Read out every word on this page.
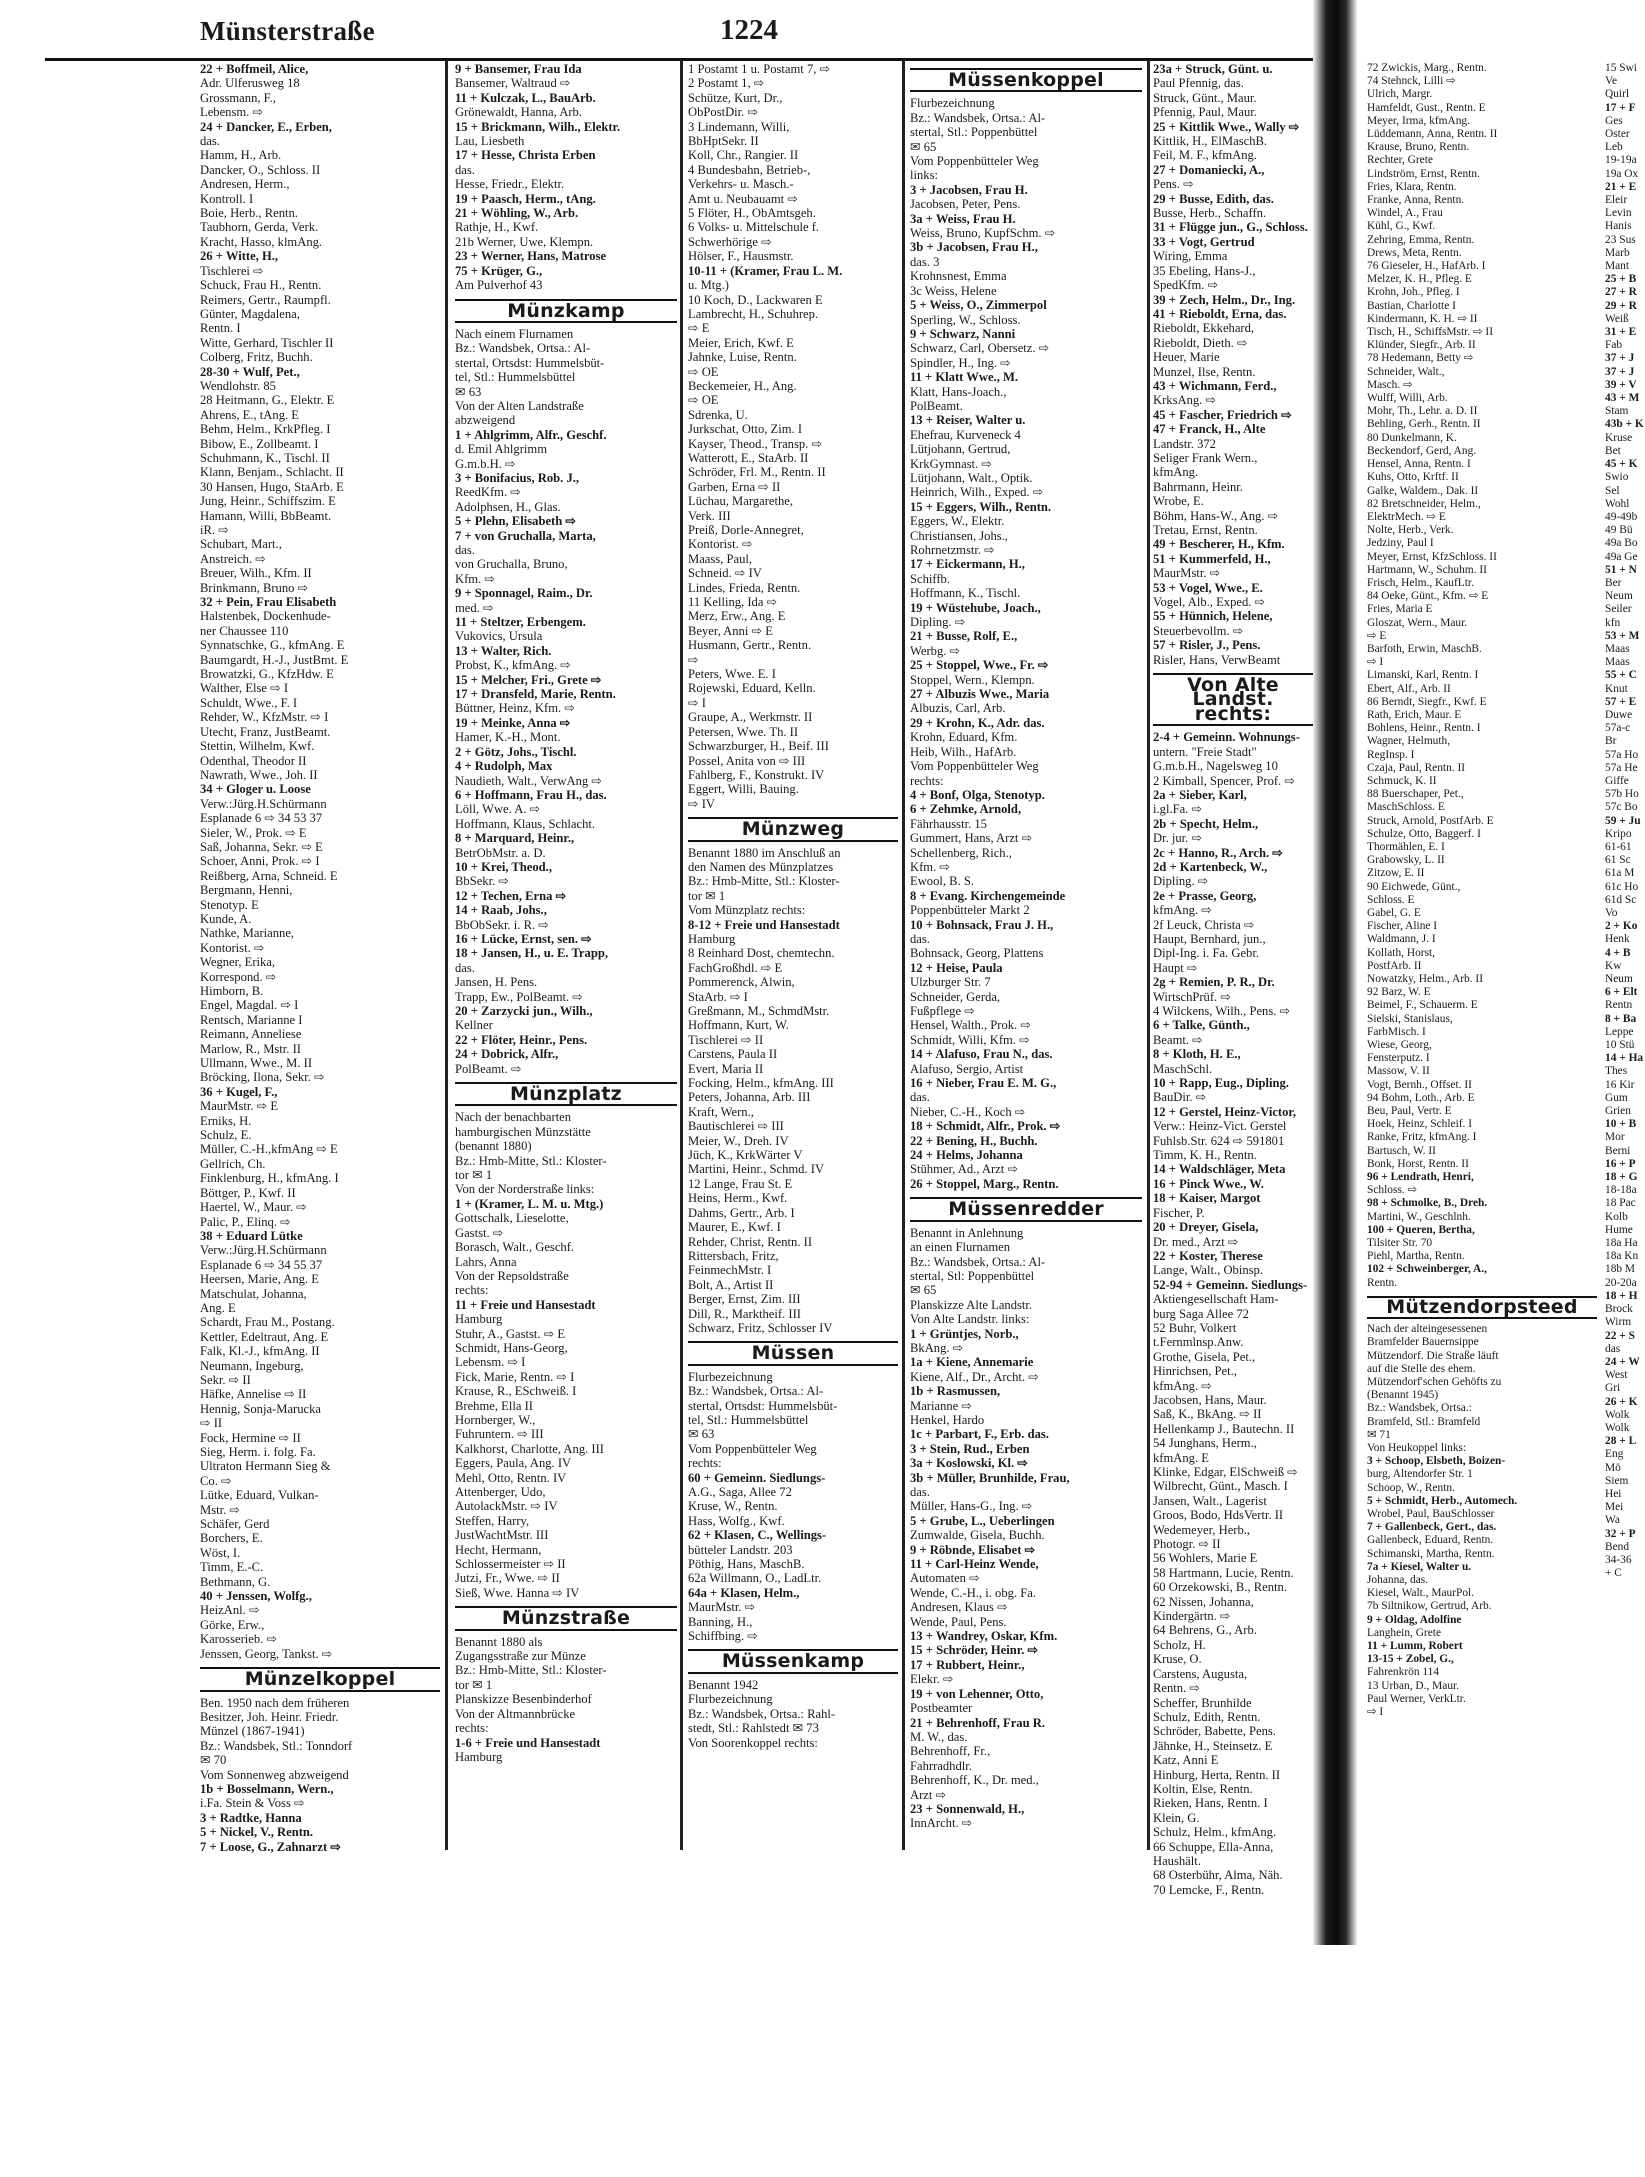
Münsterstraße	1224

22 + Boffmeil, Alice,

Adr. Ulferusweg 18

Grossmann, F.,

Lebensm. ⇨

24 + Dancker, E., Erben,

das.

Hamm, H., Arb.

Dancker, O., Schloss. II

Andresen, Herm.,

Kontroll. I

Boie, Herb., Rentn.

Taubhorn, Gerda, Verk.

Kracht, Hasso, klmAng.

26 + Witte, H.,

Tischlerei ⇨

Schuck, Frau H., Rentn.

Reimers, Gertr., Raumpfl.

Günter, Magdalena,

Rentn. I

Witte, Gerhard, Tischler II

Colberg, Fritz, Buchh.

28-30 + Wulf, Pet.,

Wendlohstr. 85

28 Heitmann, G., Elektr. E

Ahrens, E., tAng. E

Behm, Helm., KrkPfleg. I

Bibow, E., Zollbeamt. I

Schuhmann, K., Tischl. II

Klann, Benjam., Schlacht. II

30 Hansen, Hugo, StaArb. E

Jung, Heinr., Schiffszim. E

Hamann, Willi, BbBeamt.

iR. ⇨

Schubart, Mart.,

Anstreich. ⇨

Breuer, Wilh., Kfm. II

Brinkmann, Bruno ⇨

32 + Pein, Frau Elisabeth

Halstenbek, Dockenhude-

ner Chaussee 110

Synnatschke, G., kfmAng. E

Baumgardt, H.-J., JustBmt. E

Browatzki, G., KfzHdw. E

Walther, Else ⇨ I

Schuldt, Wwe., F. I

Rehder, W., KfzMstr. ⇨ I

Utecht, Franz, JustBeamt.

Stettin, Wilhelm, Kwf.

Odenthal, Theodor II

Nawrath, Wwe., Joh. II

34 + Gloger u. Loose

Verw.:Jürg.H.Schürmann

Esplanade 6 ⇨ 34 53 37

Sieler, W., Prok. ⇨ E

Saß, Johanna, Sekr. ⇨ E

Schoer, Anni, Prok. ⇨ I

Reißberg, Arna, Schneid. E

Bergmann, Henni,

Stenotyp. E

Kunde, A.

Nathke, Marianne,

Kontorist. ⇨

Wegner, Erika,

Korrespond. ⇨

Himborn, B.

Engel, Magdal. ⇨ I

Rentsch, Marianne I

Reimann, Anneliese

Marlow, R., Mstr. II

Ullmann, Wwe., M. II

Bröcking, Ilona, Sekr. ⇨

36 + Kugel, F.,

MaurMstr. ⇨ E

Erniks, H.

Schulz, E.

Müller, C.-H.,kfmAng ⇨ E

Gellrich, Ch.

Finklenburg, H., kfmAng. I

Böttger, P., Kwf. II

Haertel, W., Maur. ⇨

Palic, P., Elinq. ⇨

38 + Eduard Lütke

Verw.:Jürg.H.Schürmann

Esplanade 6 ⇨ 34 55 37

Heersen, Marie, Ang. E

Matschulat, Johanna,

Ang. E

Schardt, Frau M., Postang.

Kettler, Edeltraut, Ang. E

Falk, Kl.-J., kfmAng. II

Neumann, Ingeburg,

Sekr. ⇨ II

Häfke, Annelise ⇨ II

Hennig, Sonja-Marucka

⇨ II

Fock, Hermine ⇨ II

Sieg, Herm. i. folg. Fa.

Ultraton Hermann Sieg &

Co. ⇨

Lütke, Eduard, Vulkan-

Mstr. ⇨

Schäfer, Gerd

Borchers, E.

Wöst, I.

Timm, E.-C.

Bethmann, G.

40 + Jenssen, Wolfg.,

HeizAnl. ⇨

Görke, Erw.,

Karosserieb. ⇨

Jenssen, Georg, Tankst. ⇨

Münzelkoppel

Ben. 1950 nach dem früheren

Besitzer, Joh. Heinr. Friedr.

Münzel (1867-1941)

Bz.: Wandsbek, Stl.: Tonndorf

✉ 70

Vom Sonnenweg abzweigend

1b + Bosselmann, Wern.,

i.Fa. Stein & Voss ⇨

3 + Radtke, Hanna

5 + Nickel, V., Rentn.

7 + Loose, G., Zahnarzt ⇨

9 + Bansemer, Frau Ida

Bansemer, Waltraud ⇨

11 + Kulczak, L., BauArb.

Grönewaldt, Hanna, Arb.

15 + Brickmann, Wilh., Elektr.

Lau, Liesbeth

17 + Hesse, Christa Erben

das.

Hesse, Friedr., Elektr.

19 + Paasch, Herm., tAng.

21 + Wöhling, W., Arb.

Rathje, H., Kwf.

21b Werner, Uwe, Klempn.

23 + Werner, Hans, Matrose

75 + Krüger, G.,

Am Pulverhof 43

Münzkamp

Nach einem Flurnamen

Bz.: Wandsbek, Ortsa.: Al-

stertal, Ortsdst: Hummelsbüt-

tel, Stl.: Hummelsbüttel

✉ 63

Von der Alten Landstraße

abzweigend

1 + Ahlgrimm, Alfr., Geschf.

d. Emil Ahlgrimm

G.m.b.H. ⇨

3 + Bonifacius, Rob. J.,

ReedKfm. ⇨

Adolphsen, H., Glas.

5 + Plehn, Elisabeth ⇨

7 + von Gruchalla, Marta,

das.

von Gruchalla, Bruno,

Kfm. ⇨

9 + Sponnagel, Raim., Dr.

med. ⇨

11 + Steltzer, Erbengem.

Vukovics, Ursula

13 + Walter, Rich.

Probst, K., kfmAng. ⇨

15 + Melcher, Fri., Grete ⇨

17 + Dransfeld, Marie, Rentn.

Büttner, Heinz, Kfm. ⇨

19 + Meinke, Anna ⇨

Hamer, K.-H., Mont.

2 + Götz, Johs., Tischl.

4 + Rudolph, Max

Naudieth, Walt., VerwAng ⇨

6 + Hoffmann, Frau H., das.

Löll, Wwe. A. ⇨

Hoffmann, Klaus, Schlacht.

8 + Marquard, Heinr.,

BetrObMstr. a. D.

10 + Krei, Theod.,

BbSekr. ⇨

12 + Techen, Erna ⇨

14 + Raab, Johs.,

BbObSekr. i. R. ⇨

16 + Lücke, Ernst, sen. ⇨

18 + Jansen, H., u. E. Trapp,

das.

Jansen, H. Pens.

Trapp, Ew., PolBeamt. ⇨

20 + Zarzycki jun., Wilh.,

Kellner

22 + Flöter, Heinr., Pens.

24 + Dobrick, Alfr.,

PolBeamt. ⇨

Münzplatz

Nach der benachbarten

hamburgischen Münzstätte

(benannt 1880)

Bz.: Hmb-Mitte, Stl.: Kloster-

tor ✉ 1

Von der Norderstraße links:

1 + (Kramer, L. M. u. Mtg.)

Gottschalk, Lieselotte,

Gastst. ⇨

Borasch, Walt., Geschf.

Lahrs, Anna

Von der Repsoldstraße

rechts:

11 + Freie und Hansestadt

Hamburg

Stuhr, A., Gastst. ⇨ E

Schmidt, Hans-Georg,

Lebensm. ⇨ I

Fick, Marie, Rentn. ⇨ I

Krause, R., ESchweiß. I

Brehme, Ella II

Hornberger, W.,

Fuhruntern. ⇨ III

Kalkhorst, Charlotte, Ang. III

Eggers, Paula, Ang. IV

Mehl, Otto, Rentn. IV

Attenberger, Udo,

AutolackMstr. ⇨ IV

Steffen, Harry,

JustWachtMstr. III

Hecht, Hermann,

Schlossermeister ⇨ II

Jutzi, Fr., Wwe. ⇨ II

Sieß, Wwe. Hanna ⇨ IV

Münzstraße

Benannt 1880 als

Zugangsstraße zur Münze

Bz.: Hmb-Mitte, Stl.: Kloster-

tor ✉ 1

Planskizze Besenbinderhof

Von der Altmannbrücke

rechts:

1-6 + Freie und Hansestadt

Hamburg

1 Postamt 1 u. Postamt 7, ⇨

2 Postamt 1, ⇨

Schütze, Kurt, Dr.,

ObPostDir. ⇨

3 Lindemann, Willi,

BbHptSekr. II

Koll, Chr., Rangier. II

4 Bundesbahn, Betrieb-,

Verkehrs- u. Masch.-

Amt u. Neubauamt ⇨

5 Flöter, H., ObAmtsgeh.

6 Volks- u. Mittelschule f.

Schwerhörige ⇨

Hölser, F., Hausmstr.

10-11 + (Kramer, Frau L. M.

u. Mtg.)

10 Koch, D., Lackwaren E

Lambrecht, H., Schuhrep.

⇨ E

Meier, Erich, Kwf. E

Jahnke, Luise, Rentn.

⇨ OE

Beckemeier, H., Ang.

⇨ OE

Sdrenka, U.

Jurkschat, Otto, Zim. I

Kayser, Theod., Transp. ⇨

Watterott, E., StaArb. II

Schröder, Frl. M., Rentn. II

Garben, Erna ⇨ II

Lüchau, Margarethe,

Verk. III

Preiß, Dorle-Annegret,

Kontorist. ⇨

Maass, Paul,

Schneid. ⇨ IV

Lindes, Frieda, Rentn.

11 Kelling, Ida ⇨

Merz, Erw., Ang. E

Beyer, Anni ⇨ E

Husmann, Gertr., Rentn.

⇨

Peters, Wwe. E. I

Rojewski, Eduard, Kelln.

⇨ I

Graupe, A., Werkmstr. II

Petersen, Wwe. Th. II

Schwarzburger, H., Beif. III

Possel, Anita von ⇨ III

Fahlberg, F., Konstrukt. IV

Eggert, Willi, Bauing.

⇨ IV

Münzweg

Benannt 1880 im Anschluß an

den Namen des Münzplatzes

Bz.: Hmb-Mitte, Stl.: Kloster-

tor ✉ 1

Vom Münzplatz rechts:

8-12 + Freie und Hansestadt

Hamburg

8 Reinhard Dost, chemtechn.

FachGroßhdl. ⇨ E

Pommerenck, Alwin,

StaArb. ⇨ I

Greßmann, M., SchmdMstr.

Hoffmann, Kurt, W.

Tischlerei ⇨ II

Carstens, Paula II

Evert, Maria II

Focking, Helm., kfmAng. III

Peters, Johanna, Arb. III

Kraft, Wern.,

Bautischlerei ⇨ III

Meier, W., Dreh. IV

Jüch, K., KrkWärter V

Martini, Heinr., Schmd. IV

12 Lange, Frau St. E

Heins, Herm., Kwf.

Dahms, Gertr., Arb. I

Maurer, E., Kwf. I

Rehder, Christ, Rentn. II

Rittersbach, Fritz,

FeinmechMstr. I

Bolt, A., Artist II

Berger, Ernst, Zim. III

Dill, R., Marktheif. III

Schwarz, Fritz, Schlosser IV

Müssen

Flurbezeichnung

Bz.: Wandsbek, Ortsa.: Al-

stertal, Ortsdst: Hummelsbüt-

tel, Stl.: Hummelsbüttel

✉ 63

Vom Poppenbütteler Weg

rechts:

60 + Gemeinn. Siedlungs-

A.G., Saga, Allee 72

Kruse, W., Rentn.

Hass, Wolfg., Kwf.

62 + Klasen, C., Wellings-

bütteler Landstr. 203

Pöthig, Hans, MaschB.

62a Willmann, O., LadLtr.

64a + Klasen, Helm.,

MaurMstr. ⇨

Banning, H.,

Schiffbing. ⇨

Müssenkamp

Benannt 1942

Flurbezeichnung

Bz.: Wandsbek, Ortsa.: Rahl-

stedt, Stl.: Rahlstedt ✉ 73

Von Soorenkoppel rechts:

Müssenkoppel

Flurbezeichnung

Bz.: Wandsbek, Ortsa.: Al-

stertal, Stl.: Poppenbüttel

✉ 65

Vom Poppenbütteler Weg

links:

3 + Jacobsen, Frau H.

Jacobsen, Peter, Pens.

3a + Weiss, Frau H.

Weiss, Bruno, KupfSchm. ⇨

3b + Jacobsen, Frau H.,

das. 3

Krohnsnest, Emma

3c Weiss, Helene

5 + Weiss, O., Zimmerpol

Sperling, W., Schloss.

9 + Schwarz, Nanni

Schwarz, Carl, Obersetz. ⇨

Spindler, H., Ing. ⇨

11 + Klatt Wwe., M.

Klatt, Hans-Joach.,

PolBeamt.

13 + Reiser, Walter u.

Ehefrau, Kurveneck 4

Lütjohann, Gertrud,

KrkGymnast. ⇨

Lütjohann, Walt., Optik.

Heinrich, Wilh., Exped. ⇨

15 + Eggers, Wilh., Rentn.

Eggers, W., Elektr.

Christiansen, Johs.,

Rohrnetzmstr. ⇨

17 + Eickermann, H.,

Schiffb.

Hoffmann, K., Tischl.

19 + Wüstehube, Joach.,

Dipling. ⇨

21 + Busse, Rolf, E.,

Werbg. ⇨

25 + Stoppel, Wwe., Fr. ⇨

Stoppel, Wern., Klempn.

27 + Albuzis Wwe., Maria

Albuzis, Carl, Arb.

29 + Krohn, K., Adr. das.

Krohn, Eduard, Kfm.

Heib, Wilh., HafArb.

Vom Poppenbütteler Weg

rechts:

4 + Bonf, Olga, Stenotyp.

6 + Zehmke, Arnold,

Fährhausstr. 15

Gummert, Hans, Arzt ⇨

Schellenberg, Rich.,

Kfm. ⇨

Ewool, B. S.

8 + Evang. Kirchengemeinde

Poppenbütteler Markt 2

10 + Bohnsack, Frau J. H.,

das.

Bohnsack, Georg, Plattens

12 + Heise, Paula

Ulzburger Str. 7

Schneider, Gerda,

Fußpflege ⇨

Hensel, Walth., Prok. ⇨

Schmidt, Willi, Kfm. ⇨

14 + Alafuso, Frau N., das.

Alafuso, Sergio, Artist

16 + Nieber, Frau E. M. G.,

das.

Nieber, C.-H., Koch ⇨

18 + Schmidt, Alfr., Prok. ⇨

22 + Bening, H., Buchh.

24 + Helms, Johanna

Stühmer, Ad., Arzt ⇨

26 + Stoppel, Marg., Rentn.

Müssenredder

Benannt in Anlehnung

an einen Flurnamen

Bz.: Wandsbek, Ortsa.: Al-

stertal, Stl: Poppenbüttel

✉ 65

Planskizze Alte Landstr.

Von Alte Landstr. links:

1 + Grüntjes, Norb.,

BkAng. ⇨

1a + Kiene, Annemarie

Kiene, Alf., Dr., Archt. ⇨

1b + Rasmussen,

Marianne ⇨

Henkel, Hardo

1c + Parbart, F., Erb. das.

3 + Stein, Rud., Erben

3a + Koslowski, Kl. ⇨

3b + Müller, Brunhilde, Frau,

das.

Müller, Hans-G., Ing. ⇨

5 + Grube, L., Ueberlingen

Zumwalde, Gisela, Buchh.

9 + Röbnde, Elisabet ⇨

11 + Carl-Heinz Wende,

Automaten ⇨

Wende, C.-H., i. obg. Fa.

Andresen, Klaus ⇨

Wende, Paul, Pens.

13 + Wandrey, Oskar, Kfm.

15 + Schröder, Heinr. ⇨

17 + Rubbert, Heinr.,

Elekr. ⇨

19 + von Lehenner, Otto,

Postbeamter

21 + Behrenhoff, Frau R.

M. W., das.

Behrenhoff, Fr.,

Fahrradhdlr.

Behrenhoff, K., Dr. med.,

Arzt ⇨

23 + Sonnenwald, H.,

InnArcht. ⇨

23a + Struck, Günt. u.

Paul Pfennig, das.

Struck, Günt., Maur.

Pfennig, Paul, Maur.

25 + Kittlik Wwe., Wally ⇨

Kittlik, H., ElMaschB.

Feil, M. F., kfmAng.

27 + Domaniecki, A.,

Pens. ⇨

29 + Busse, Edith, das.

Busse, Herb., Schaffn.

31 + Flügge jun., G., Schloss.

33 + Vogt, Gertrud

Wiring, Emma

35 Ebeling, Hans-J.,

SpedKfm. ⇨

39 + Zech, Helm., Dr., Ing.

41 + Rieboldt, Erna, das.

Rieboldt, Ekkehard,

Rieboldt, Dieth. ⇨

Heuer, Marie

Munzel, Ilse, Rentn.

43 + Wichmann, Ferd.,

KrksAng. ⇨

45 + Fascher, Friedrich ⇨

47 + Franck, H., Alte

Landstr. 372

Seliger Frank Wern.,

kfmAng.

Bahrmann, Heinr.

Wrobe, E.

Böhm, Hans-W., Ang. ⇨

Tretau, Ernst, Rentn.

49 + Bescherer, H., Kfm.

51 + Kummerfeld, H.,

MaurMstr. ⇨

53 + Vogel, Wwe., E.

Vogel, Alb., Exped. ⇨

55 + Hünnich, Helene,

Steuerbevollm. ⇨

57 + Risler, J., Pens.

Risler, Hans, VerwBeamt

Von Alte Landst. rechts:

2-4 + Gemeinn. Wohnungs-

untern. "Freie Stadt"

G.m.b.H., Nagelsweg 10

2 Kimball, Spencer, Prof. ⇨

2a + Sieber, Karl,

i.gl.Fa. ⇨

2b + Specht, Helm.,

Dr. jur. ⇨

2c + Hanno, R., Arch. ⇨

2d + Kartenbeck, W.,

Dipling. ⇨

2e + Prasse, Georg,

kfmAng. ⇨

2f Leuck, Christa ⇨

Haupt, Bernhard, jun.,

Dipl-Ing. i. Fa. Gebr.

Haupt ⇨

2g + Remien, P. R., Dr.

WirtschPrüf. ⇨

4 Wilckens, Wilh., Pens. ⇨

6 + Talke, Günth.,

Beamt. ⇨

8 + Kloth, H. E.,

MaschSchl.

10 + Rapp, Eug., Dipling.

BauDir. ⇨

12 + Gerstel, Heinz-Victor,

Verw.: Heinz-Vict. Gerstel

Fuhlsb.Str. 624 ⇨ 591801

Timm, K. H., Rentn.

14 + Waldschläger, Meta

16 + Pinck Wwe., W.

18 + Kaiser, Margot

Fischer, P.

20 + Dreyer, Gisela,

Dr. med., Arzt ⇨

22 + Koster, Therese

Lange, Walt., Obinsp.

52-94 + Gemeinn. Siedlungs-

Aktiengesellschaft Ham-

burg Saga Allee 72

52 Buhr, Volkert

t.Fernmlnsp.Anw.

Grothe, Gisela, Pet.,

Hinrichsen, Pet.,

kfmAng. ⇨

Jacobsen, Hans, Maur.

Saß, K., BkAng. ⇨ II

Hellenkamp J., Bautechn. II

54 Junghans, Herm.,

kfmAng. E

Klinke, Edgar, ElSchweiß ⇨

Wilbrecht, Günt., Masch. I

Jansen, Walt., Lagerist

Groos, Bodo, HdsVertr. II

Wedemeyer, Herb.,

Photogr. ⇨ II

56 Wohlers, Marie E

58 Hartmann, Lucie, Rentn.

60 Orzekowski, B., Rentn.

62 Nissen, Johanna,

Kindergärtn. ⇨

64 Behrens, G., Arb.

Scholz, H.

Kruse, O.

Carstens, Augusta,

Rentn. ⇨

Scheffer, Brunhilde

Schulz, Edith, Rentn.

Schröder, Babette, Pens.

Jähnke, H., Steinsetz. E

Katz, Anni E

Hinburg, Herta, Rentn. II

Koltin, Else, Rentn.

Rieken, Hans, Rentn. I

Klein, G.

Schulz, Helm., kfmAng.

66 Schuppe, Ella-Anna,

Haushält.

68 Osterbühr, Alma, Näh.

70 Lemcke, F., Rentn.

72 Zwickis, Marg., Rentn.

74 Stehnck, Lilli ⇨

Ulrich, Margr.

Hamfeldt, Gust., Rentn. E

Meyer, Irma, kfmAng.

Lüddemann, Anna, Rentn. II

Krause, Bruno, Rentn.

Rechter, Grete

Lindström, Ernst, Rentn.

Fries, Klara, Rentn.

Franke, Anna, Rentn.

Windel, A., Frau

Kühl, G., Kwf.

Zehring, Emma, Rentn.

Drews, Meta, Rentn.

76 Gieseler, H., HafArb. I

Melzer, K. H., Pfleg. E

Krohn, Joh., Pfleg. I

Bastian, Charlotte I

Kindermann, K. H. ⇨ II

Tisch, H., SchiffsMstr. ⇨ II

Klünder, Siegfr., Arb. II

78 Hedemann, Betty ⇨

Schneider, Walt.,

Masch. ⇨

Wulff, Willi, Arb.

Mohr, Th., Lehr. a. D. II

Behling, Gerh., Rentn. II

80 Dunkelmann, K.

Beckendorf, Gerd, Ang.

Hensel, Anna, Rentn. I

Kuhs, Otto, Krftf. II

Galke, Waldem., Dak. II

82 Bretschneider, Helm.,

ElektrMech. ⇨ E

Nolte, Herb., Verk.

Jedziny, Paul I

Meyer, Ernst, KfzSchloss. II

Hartmann, W., Schuhm. II

Frisch, Helm., KaufLtr.

84 Oeke, Günt., Kfm. ⇨ E

Fries, Maria E

Gloszat, Wern., Maur.

⇨ E

Barfoth, Erwin, MaschB.

⇨ I

Limanski, Karl, Rentn. I

Ebert, Alf., Arb. II

86 Berndt, Siegfr., Kwf. E

Rath, Erich, Maur. E

Bohlens, Heinr., Rentn. I

Wagner, Helmuth,

RegInsp. I

Czaja, Paul, Rentn. II

Schmuck, K. II

88 Buerschaper, Pet.,

MaschSchloss. E

Struck, Arnold, PostfArb. E

Schulze, Otto, Baggerf. I

Thormählen, E. I

Grabowsky, L. II

Zitzow, E. II

90 Eichwede, Günt.,

Schloss. E

Gabel, G. E

Fischer, Aline I

Waldmann, J. I

Kollath, Horst,

PostfArb. II

Nowatzky, Helm., Arb. II

92 Barz, W. E

Beimel, F., Schauerm. E

Sielski, Stanislaus,

FarbMisch. I

Wiese, Georg,

Fensterputz. I

Massow, V. II

Vogt, Bernh., Offset. II

94 Bohm, Loth., Arb. E

Beu, Paul, Vertr. E

Hoek, Heinz, Schleif. I

Ranke, Fritz, kfmAng. I

Bartusch, W. II

Bonk, Horst, Rentn. II

96 + Lendrath, Henri,

Schloss. ⇨

98 + Schmolke, B., Dreh.

Martini, W., Geschlnh.

100 + Queren, Bertha,

Tilsiter Str. 70

Piehl, Martha, Rentn.

102 + Schweinberger, A.,

Rentn.

Mützendorpsteed

Nach der alteingesessenen

Bramfelder Bauernsippe

Mützendorf. Die Straße läuft

auf die Stelle des ehem.

Mützendorf'schen Gehöfts zu

(Benannt 1945)

Bz.: Wandsbek, Ortsa.:

Bramfeld, Stl.: Bramfeld

✉ 71

Von Heukoppel links:

3 + Schoop, Elsbeth, Boizen-

burg, Altendorfer Str. 1

Schoop, W., Rentn.

5 + Schmidt, Herb., Automech.

Wrobel, Paul, BauSchlosser

7 + Gallenbeck, Gert., das.

Gallenbeck, Eduard, Rentn.

Schimanski, Martha, Rentn.

7a + Kiesel, Walter u.

Johanna, das.

Kiesel, Walt., MaurPol.

7b Siltnikow, Gertrud, Arb.

9 + Oldag, Adolfine

Langhein, Grete

11 + Lumm, Robert

13-15 + Zobel, G.,

Fahrenkrön 114

13 Urban, D., Maur.

Paul Werner, VerkLtr.

⇨ I

15 Swi

Ve

Quirl

17 + F

Ges

Oster

Leb

19-19a

19a Ox

21 + E

Eleir

Levin

Hanis

23 Sus

Marb

Mant

25 + B

27 + R

29 + R

Weiß

31 + E

Fab

37 + J

37 + J

39 + V

43 + M

Stam

43b + K

Kruse

Bet

45 + K

Swio

Sel

Wohl

49-49b

49 Bü

49a Bo

49a Ge

51 + N

Ber

Neum

Seiler

kfn

53 + M

Maas

Maas

55 + C

Knut

57 + E

Duwe

57a-c

Br

57a Ho

57a He

Giffe

57b Ho

57c Bo

59 + Ju

Kripo

61-61

61 Sc

61a M

61c Ho

61d Sc

Vo

2 + Ko

Henk

4 + B

Kw

Neum

6 + Elt

Rentn

8 + Ba

Leppe

10 Stü

14 + Ha

Thes

16 Kir

Gum

Grien

10 + B

Mor

Berni

16 + P

18 + G

18-18a

18 Pac

Kolb

Hume

18a Ha

18a Kn

18b M

20-20a

18 + H

Brock

Wirm

22 + S

das

24 + W

West

Gri

26 + K

Wolk

Wolk

28 + L

Eng

Mö

Siem

Hei

Mei

Wa

32 + P

Bend

34-36

+ C
